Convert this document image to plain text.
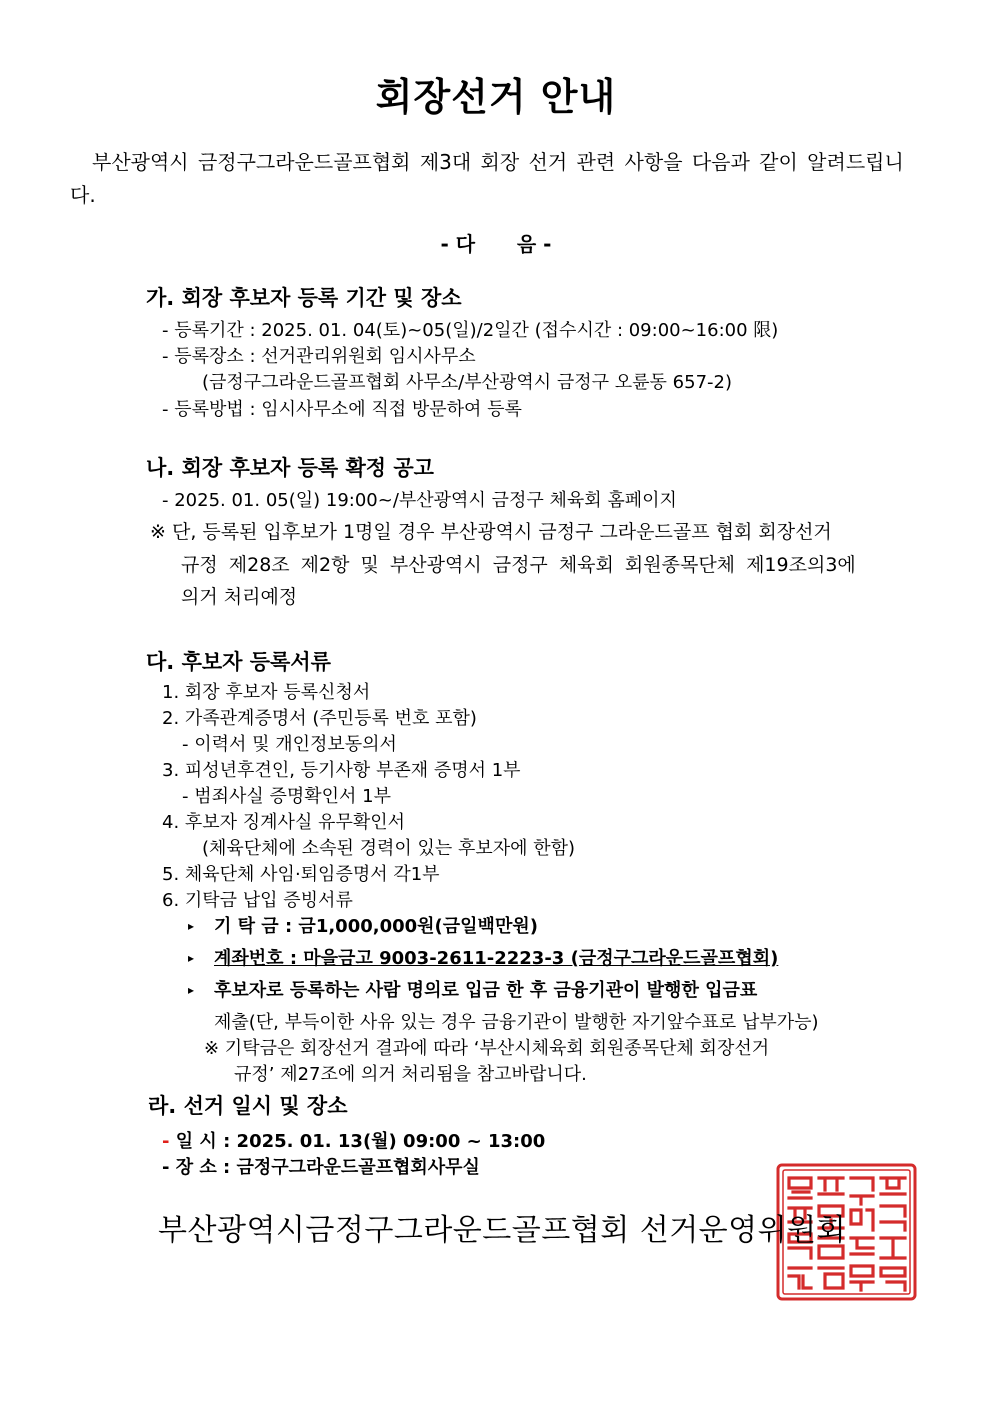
회장선거 안내
부산광역시 금정구그라운드골프협회 제3대 회장 선거 관련 사항을 다음과 같이 알려드립니다.
- 다      음 -
가. 회장 후보자 등록 기간 및 장소
- 등록기간 : 2025. 01. 04(토)~05(일)/2일간 (접수시간 : 09:00~16:00 限)
- 등록장소 : 선거관리위원회 임시사무소
(금정구그라운드골프협회 사무소/부산광역시 금정구 오륜동 657-2)
- 등록방법 : 임시사무소에 직접 방문하여 등록
나. 회장 후보자 등록 확정 공고
- 2025. 01. 05(일) 19:00~/부산광역시 금정구 체육회 홈페이지
※ 단, 등록된 입후보가 1명일 경우 부산광역시 금정구 그라운드골프 협회 회장선거
규정 제28조 제2항 및 부산광역시 금정구 체육회 회원종목단체 제19조의3에
의거 처리예정
다. 후보자 등록서류
1. 회장 후보자 등록신청서
2. 가족관계증명서 (주민등록 번호 포함)
- 이력서 및 개인정보동의서
3. 피성년후견인, 등기사항 부존재 증명서 1부
- 범죄사실 증명확인서 1부
4. 후보자 징계사실 유무확인서
(체육단체에 소속된 경력이 있는 후보자에 한함)
5. 체육단체 사임·퇴임증명서 각1부
6. 기탁금 납입 증빙서류
▸ 기 탁 금 : 금1,000,000원(금일백만원)
▸ 계좌번호 : 마을금고 9003-2611-2223-3 (금정구그라운드골프협회)
▸ 후보자로 등록하는 사람 명의로 입금 한 후 금융기관이 발행한 입금표
제출(단, 부득이한 사유 있는 경우 금융기관이 발행한 자기앞수표로 납부가능)
※ 기탁금은 회장선거 결과에 따라 ‘부산시체육회 회원종목단체 회장선거
규정’ 제27조에 의거 처리됨을 참고바랍니다.
라. 선거 일시 및 장소
- 일 시 : 2025. 01. 13(월) 09:00 ~ 13:00
- 장 소 : 금정구그라운드골프협회사무실
부산광역시금정구그라운드골프협회 선거운영위원회
